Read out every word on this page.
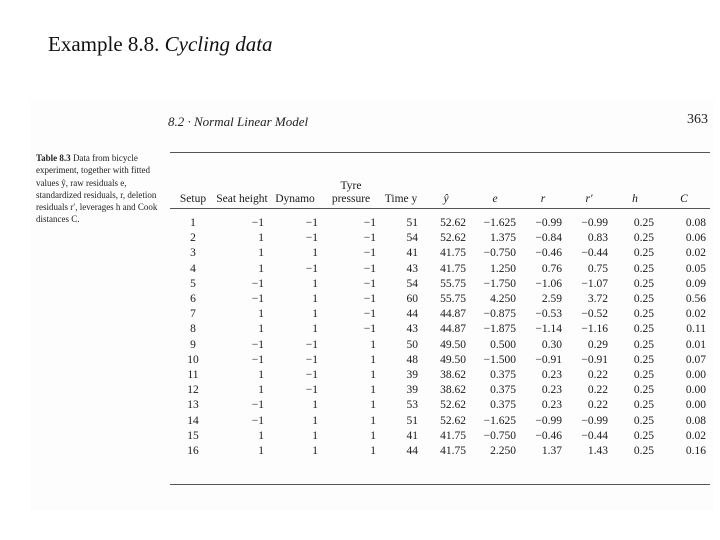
Example 8.8. Cycling data
8.2 · Normal Linear Model	363
Table 8.3 Data from bicycle experiment, together with fitted values ŷ, raw residuals e, standardized residuals, r, deletion residuals r′, leverages h and Cook distances C.
Setup	Seat height	Dynamo	Tyre pressure	Time y	ŷ	e	r	r′	h	C
1	−1	−1	−1	51	52.62	−1.625	−0.99	−0.99	0.25	0.08
2	1	−1	−1	54	52.62	1.375	−0.84	0.83	0.25	0.06
3	1	1	−1	41	41.75	−0.750	−0.46	−0.44	0.25	0.02
4	1	−1	−1	43	41.75	1.250	0.76	0.75	0.25	0.05
5	−1	1	−1	54	55.75	−1.750	−1.06	−1.07	0.25	0.09
6	−1	1	−1	60	55.75	4.250	2.59	3.72	0.25	0.56
7	1	1	−1	44	44.87	−0.875	−0.53	−0.52	0.25	0.02
8	1	1	−1	43	44.87	−1.875	−1.14	−1.16	0.25	0.11
9	−1	−1	1	50	49.50	0.500	0.30	0.29	0.25	0.01
10	−1	−1	1	48	49.50	−1.500	−0.91	−0.91	0.25	0.07
11	1	−1	1	39	38.62	0.375	0.23	0.22	0.25	0.00
12	1	−1	1	39	38.62	0.375	0.23	0.22	0.25	0.00
13	−1	1	1	53	52.62	0.375	0.23	0.22	0.25	0.00
14	−1	1	1	51	52.62	−1.625	−0.99	−0.99	0.25	0.08
15	1	1	1	41	41.75	−0.750	−0.46	−0.44	0.25	0.02
16	1	1	1	44	41.75	2.250	1.37	1.43	0.25	0.16
